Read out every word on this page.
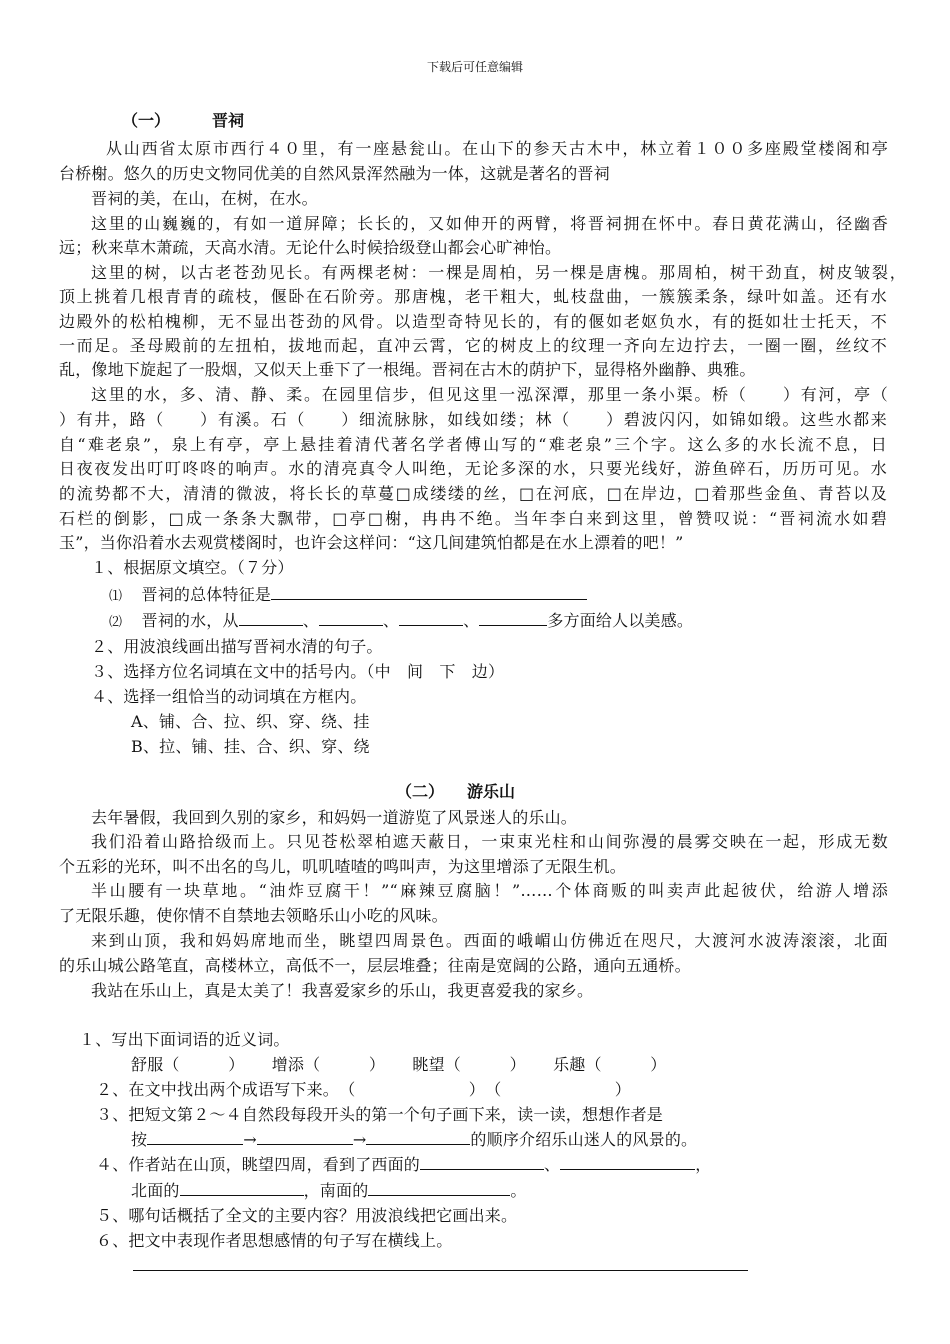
下载后可任意编辑
（一）	晋祠
从山西省太原市西行４０里，有一座悬瓮山。在山下的参天古木中，林立着１００多座殿堂楼阁和亭
台桥榭。悠久的历史文物同优美的自然风景浑然融为一体，这就是著名的晋祠
晋祠的美，在山，在树，在水。
这里的山巍巍的，有如一道屏障；长长的，又如伸开的两臂，将晋祠拥在怀中。春日黄花满山，径幽香
远；秋来草木萧疏，天高水清。无论什么时候拾级登山都会心旷神怡。
这里的树，以古老苍劲见长。有两棵老树：一棵是周柏，另一棵是唐槐。那周柏，树干劲直，树皮皱裂，
顶上挑着几根青青的疏枝，偃卧在石阶旁。那唐槐，老干粗大，虬枝盘曲，一簇簇柔条，绿叶如盖。还有水
边殿外的松柏槐柳，无不显出苍劲的风骨。以造型奇特见长的，有的偃如老妪负水，有的挺如壮士托天，不
一而足。圣母殿前的左扭柏，拔地而起，直冲云霄，它的树皮上的纹理一齐向左边拧去，一圈一圈，丝纹不
乱，像地下旋起了一股烟，又似天上垂下了一根绳。晋祠在古木的荫护下，显得格外幽静、典雅。
这里的水，多、清、静、柔。在园里信步，但见这里一泓深潭，那里一条小渠。桥（　　）有河，亭（
）有井，路（　　）有溪。石（　　）细流脉脉，如线如缕；林（　　）碧波闪闪，如锦如缎。这些水都来
自“难老泉”，泉上有亭，亭上悬挂着清代著名学者傅山写的“难老泉”三个字。这么多的水长流不息，日
日夜夜发出叮叮咚咚的响声。水的清亮真令人叫绝，无论多深的水，只要光线好，游鱼碎石，历历可见。水
的流势都不大，清清的微波，将长长的草蔓□成缕缕的丝，□在河底，□在岸边，□着那些金鱼、青苔以及
石栏的倒影，□成一条条大飘带，□亭□榭，冉冉不绝。当年李白来到这里，曾赞叹说：“晋祠流水如碧
玉”，当你沿着水去观赏楼阁时，也许会这样问：“这几间建筑怕都是在水上漂着的吧！”
１、根据原文填空。（７分）
⑴ 晋祠的总体特征是
⑵ 晋祠的水，从	、	、	、	多方面给人以美感。
２、用波浪线画出描写晋祠水清的句子。
３、选择方位名词填在文中的括号内。（中　间　下　边）
４、选择一组恰当的动词填在方框内。
A、铺、合、拉、织、穿、绕、挂
B、拉、铺、挂、合、织、穿、绕
（二） 游乐山
去年暑假，我回到久别的家乡，和妈妈一道游览了风景迷人的乐山。
我们沿着山路拾级而上。只见苍松翠柏遮天蔽日，一束束光柱和山间弥漫的晨雾交映在一起，形成无数
个五彩的光环，叫不出名的鸟儿，叽叽喳喳的鸣叫声，为这里增添了无限生机。
半山腰有一块草地。“油炸豆腐干！”“麻辣豆腐脑！”……个体商贩的叫卖声此起彼伏，给游人增添
了无限乐趣，使你情不自禁地去领略乐山小吃的风味。
来到山顶，我和妈妈席地而坐，眺望四周景色。西面的峨嵋山仿佛近在咫尺，大渡河水波涛滚滚，北面
的乐山城公路笔直，高楼林立，高低不一，层层堆叠；往南是宽阔的公路，通向五通桥。
我站在乐山上，真是太美了！我喜爱家乡的乐山，我更喜爱我的家乡。
１、写出下面词语的近义词。
舒服（　　　） 增添（　　　） 眺望（　　　） 乐趣（　　　）
２、在文中找出两个成语写下来。　（　　　　　　　）　（　　　　　　　）
３、把短文第２～４自然段每段开头的第一个句子画下来，读一读，想想作者是
按	→	→	的顺序介绍乐山迷人的风景的。
４、作者站在山顶，眺望四周，看到了西面的	、	，
北面的	，南面的	。
５、哪句话概括了全文的主要内容？用波浪线把它画出来。
６、把文中表现作者思想感情的句子写在横线上。
